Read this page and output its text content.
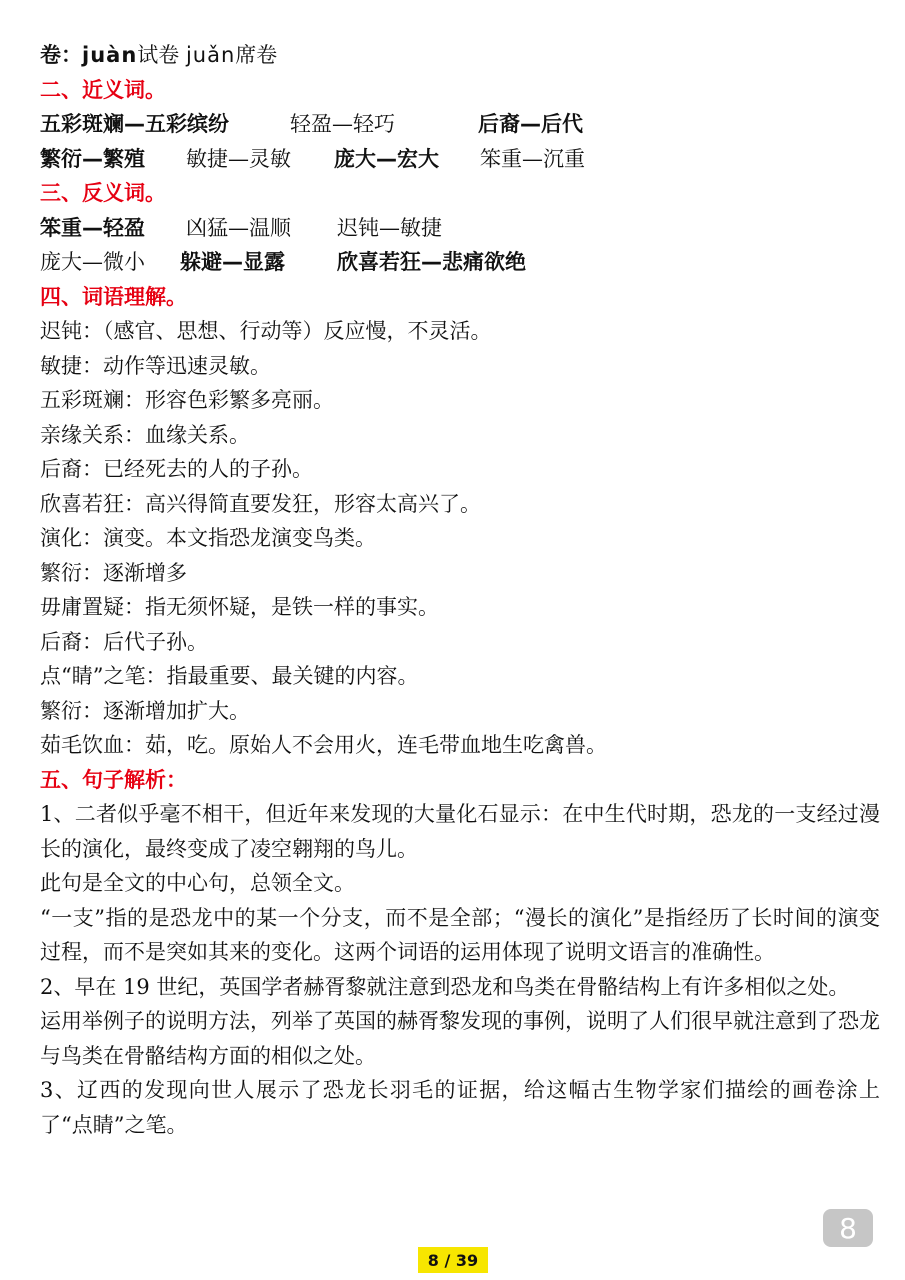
卷：juàn试卷 juǎn席卷
二、近义词。
五彩斑斓—五彩缤纷	轻盈—轻巧	后裔—后代
繁衍—繁殖 敏捷—灵敏 庞大—宏大 笨重—沉重
三、反义词。
笨重—轻盈 凶猛—温顺 迟钝—敏捷
庞大—微小 躲避—显露 欣喜若狂—悲痛欲绝
四、词语理解。
迟钝：（感官、思想、行动等）反应慢，不灵活。
敏捷：动作等迅速灵敏。
五彩斑斓：形容色彩繁多亮丽。
亲缘关系：血缘关系。
后裔：已经死去的人的子孙。
欣喜若狂：高兴得简直要发狂，形容太高兴了。
演化：演变。本文指恐龙演变鸟类。
繁衍：逐渐增多
毋庸置疑：指无须怀疑，是铁一样的事实。
后裔：后代子孙。
点“睛”之笔：指最重要、最关键的内容。
繁衍：逐渐增加扩大。
茹毛饮血：茹，吃。原始人不会用火，连毛带血地生吃禽兽。
五、句子解析：
1、二者似乎毫不相干，但近年来发现的大量化石显示：在中生代时期，恐龙的一支经过漫长的演化，最终变成了凌空翱翔的鸟儿。
此句是全文的中心句，总领全文。
“一支”指的是恐龙中的某一个分支，而不是全部；“漫长的演化”是指经历了长时间的演变过程，而不是突如其来的变化。这两个词语的运用体现了说明文语言的准确性。
2、早在 19 世纪，英国学者赫胥黎就注意到恐龙和鸟类在骨骼结构上有许多相似之处。
运用举例子的说明方法，列举了英国的赫胥黎发现的事例，说明了人们很早就注意到了恐龙与鸟类在骨骼结构方面的相似之处。
3、辽西的发现向世人展示了恐龙长羽毛的证据，给这幅古生物学家们描绘的画卷涂上了“点睛”之笔。
8
8 / 39
